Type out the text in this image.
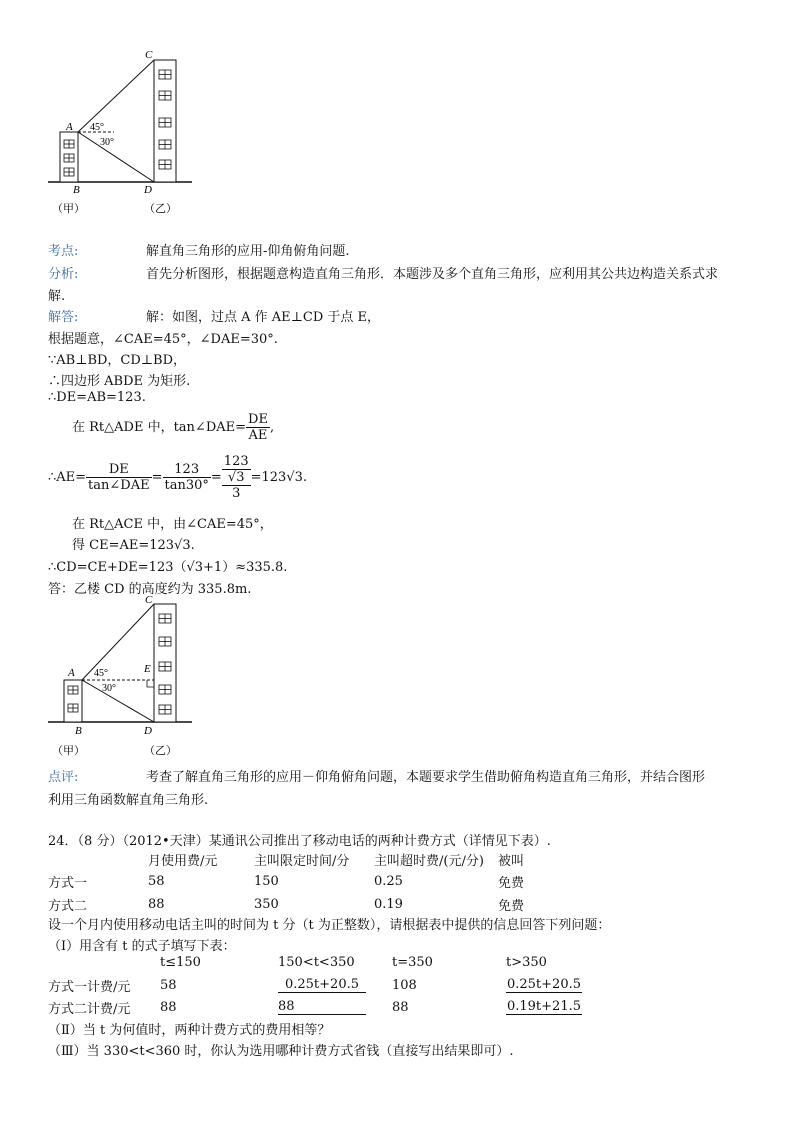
C
A 45°
30°
B	D
（甲）	（乙）
考点:	解直角三角形的应用-仰角俯角问题.
分析:	首先分析图形，根据题意构造直角三角形．本题涉及多个直角三角形，应利用其公共边构造关系式求
解.
解答:	解：如图，过点 A 作 AE⊥CD 于点 E，
根据题意，∠CAE=45°，∠DAE=30°.
∵AB⊥BD，CD⊥BD，
∴四边形 ABDE 为矩形.
∴DE=AB=123.
在 Rt△ADE 中，tan∠DAE= $\frac{DE}{AE}$ ,
∴AE= $\frac{DE}{\text{tan∠DAE}} = \frac{123}{\tan 30^\circ}$ =
123
√3
3
=123√3.
在 Rt△ACE 中，由∠CAE=45°，
得 CE=AE=123√3.
∴CD=CE+DE=123（√3+1）≈335.8.
答：乙楼 CD 的高度约为 335.8m.
C
A	E
45°
30°
B	D
（甲）	（乙）
点评:	考查了解直角三角形的应用－仰角俯角问题，本题要求学生借助俯角构造直角三角形，并结合图形
利用三角函数解直角三角形.
24．（8 分）（2012•天津）某通讯公司推出了移动电话的两种计费方式（详情见下表）.
	月使用费/元	主叫限定时间/分	主叫超时费/(元/分)	被叫
方式一	58	150	0.25	免费
方式二	88	350	0.19	免费
设一个月内使用移动电话主叫的时间为 t 分（t 为正整数），请根据表中提供的信息回答下列问题：
（Ⅰ）用含有 t 的式子填写下表：
	t≤150	150<t<350	t=350	t>350
方式一计费/元	58	0.25t+20.5	108	0.25t+20.5
方式二计费/元	88	88	88	0.19t+21.5
（Ⅱ）当 t 为何值时，两种计费方式的费用相等？
（Ⅲ）当 330<t<360 时，你认为选用哪种计费方式省钱（直接写出结果即可）.
